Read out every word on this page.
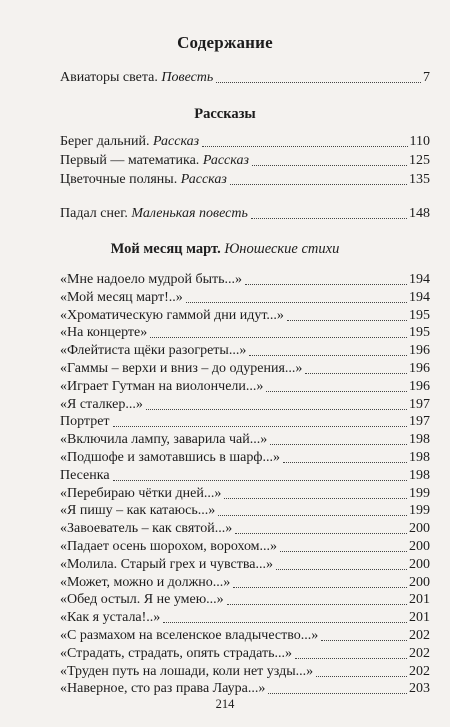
Содержание
Авиаторы света. Повесть	7
Рассказы
Берег дальний. Рассказ	110
Первый — математика. Рассказ	125
Цветочные поляны. Рассказ	135
Падал снег. Маленькая повесть	148
Мой месяц март. Юношеские стихи
«Мне надоело мудрой быть...»	194
«Мой месяц март!..»	194
«Хроматическую гаммой дни идут...»	195
«На концерте»	195
«Флейтиста щёки разогреты...»	196
«Гаммы – верхи и вниз – до одурения...»	196
«Играет Гутман на виолончели...»	196
«Я сталкер...»	197
Портрет	197
«Включила лампу, заварила чай...»	198
«Подшофе и замотавшись в шарф...»	198
Песенка	198
«Перебираю чётки дней...»	199
«Я пишу – как катаюсь...»	199
«Завоеватель – как святой...»	200
«Падает осень шорохом, ворохом...»	200
«Молила. Старый грех и чувства...»	200
«Может, можно и должно...»	200
«Обед остыл. Я не умею...»	201
«Как я устала!..»	201
«С размахом на вселенское владычество...»	202
«Страдать, страдать, опять страдать...»	202
«Труден путь на лошади, коли нет узды...»	202
«Наверное, сто раз права Лаура...»	203
214
